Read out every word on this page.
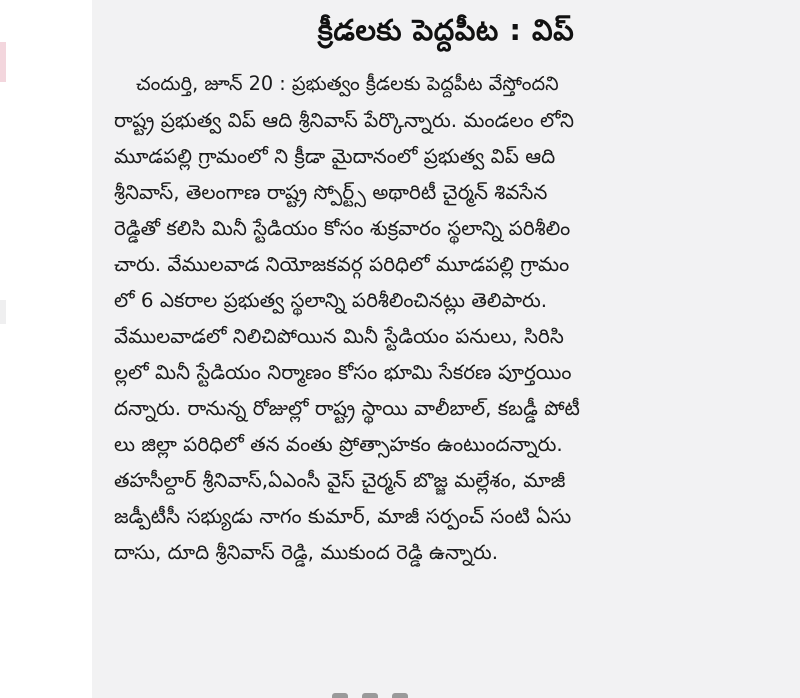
క్రీడలకు పెద్దపీట : విప్
చందుర్తి, జూన్ 20 : ప్రభుత్వం క్రీడలకు పెద్దపీట వేస్తోందని
రాష్ట్ర ప్రభుత్వ విప్ ఆది శ్రీనివాస్ పేర్కొన్నారు. మండలం లోని
మూడపల్లి గ్రామంలో ని క్రీడా మైదానంలో ప్రభుత్వ విప్ ఆది
శ్రీనివాస్, తెలంగాణ రాష్ట్ర స్పోర్ట్స్ అథారిటీ చైర్మన్ శివసేన
రెడ్డితో కలిసి మినీ స్టేడియం కోసం శుక్రవారం స్థలాన్ని పరిశీలిం
చారు. వేములవాడ నియోజకవర్గ పరిధిలో మూడపల్లి గ్రామం
లో 6 ఎకరాల ప్రభుత్వ స్థలాన్ని పరిశీలించినట్లు తెలిపారు.
వేములవాడలో నిలిచిపోయిన మినీ స్టేడియం పనులు, సిరిసి
ల్లలో మినీ స్టేడియం నిర్మాణం కోసం భూమి సేకరణ పూర్తయిం
దన్నారు. రానున్న రోజుల్లో రాష్ట్ర స్థాయి వాలీబాల్, కబడ్డీ పోటీ
లు జిల్లా పరిధిలో తన వంతు ప్రోత్సాహకం ఉంటుందన్నారు.
తహసీల్దార్ శ్రీనివాస్,ఏఎంసీ వైస్ చైర్మన్ బొజ్జ మల్లేశం, మాజీ
జడ్పీటీసీ సభ్యుడు నాగం కుమార్, మాజీ సర్పంచ్ సంటి ఏసు
దాసు, దూది శ్రీనివాస్ రెడ్డి, ముకుంద రెడ్డి ఉన్నారు.
